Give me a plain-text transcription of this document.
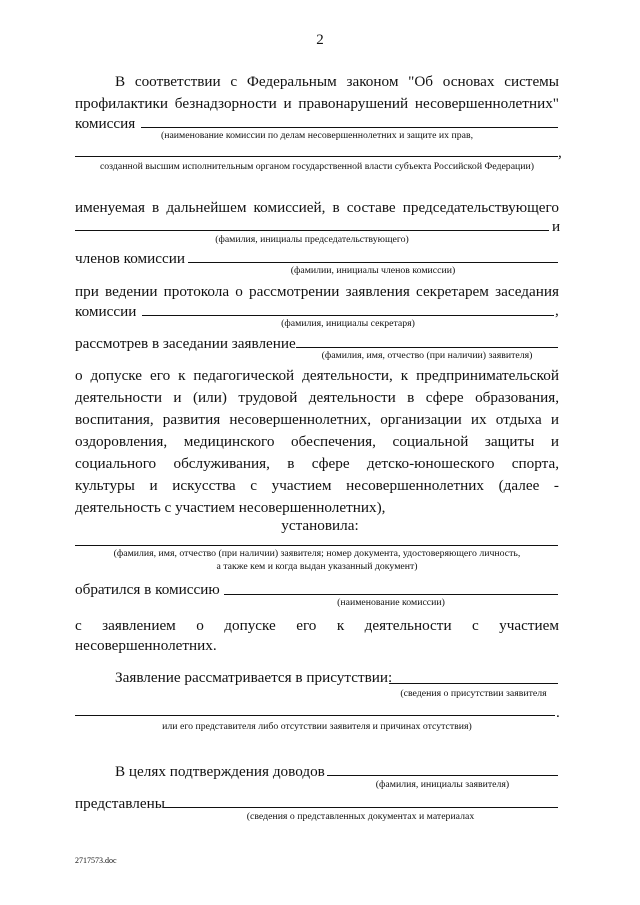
2
В соответствии с Федеральным законом "Об основах системы
профилактики безнадзорности и правонарушений несовершеннолетних"
комиссия
(наименование комиссии по делам несовершеннолетних и защите их прав,
,
созданной высшим исполнительным органом государственной власти субъекта Российской Федерации)
именуемая в дальнейшем комиссией, в составе председательствующего
и
(фамилия, инициалы председательствующего)
членов комиссии
(фамилии, инициалы членов комиссии)
при ведении протокола о рассмотрении заявления секретарем заседания
комиссии	,
(фамилия, инициалы секретаря)
рассмотрев в заседании заявление
(фамилия, имя, отчество (при наличии) заявителя)
о допуске его к педагогической деятельности, к предпринимательской
деятельности и (или) трудовой деятельности в сфере образования,
воспитания, развития несовершеннолетних, организации их отдыха и
оздоровления, медицинского обеспечения, социальной защиты и
социального обслуживания, в сфере детско-юношеского спорта,
культуры и искусства с участием несовершеннолетних (далее -
деятельность с участием несовершеннолетних),
установила:
(фамилия, имя, отчество (при наличии) заявителя; номер документа, удостоверяющего личность,
а также кем и когда выдан указанный документ)
обратился в комиссию
(наименование комиссии)
с заявлением о допуске его к деятельности с участием
несовершеннолетних.
Заявление рассматривается в присутствии:
(сведения о присутствии заявителя
.
или его представителя либо отсутствии заявителя и причинах отсутствия)
В целях подтверждения доводов
(фамилия, инициалы заявителя)
представлены
(сведения о представленных документах и материалах
2717573.doc
